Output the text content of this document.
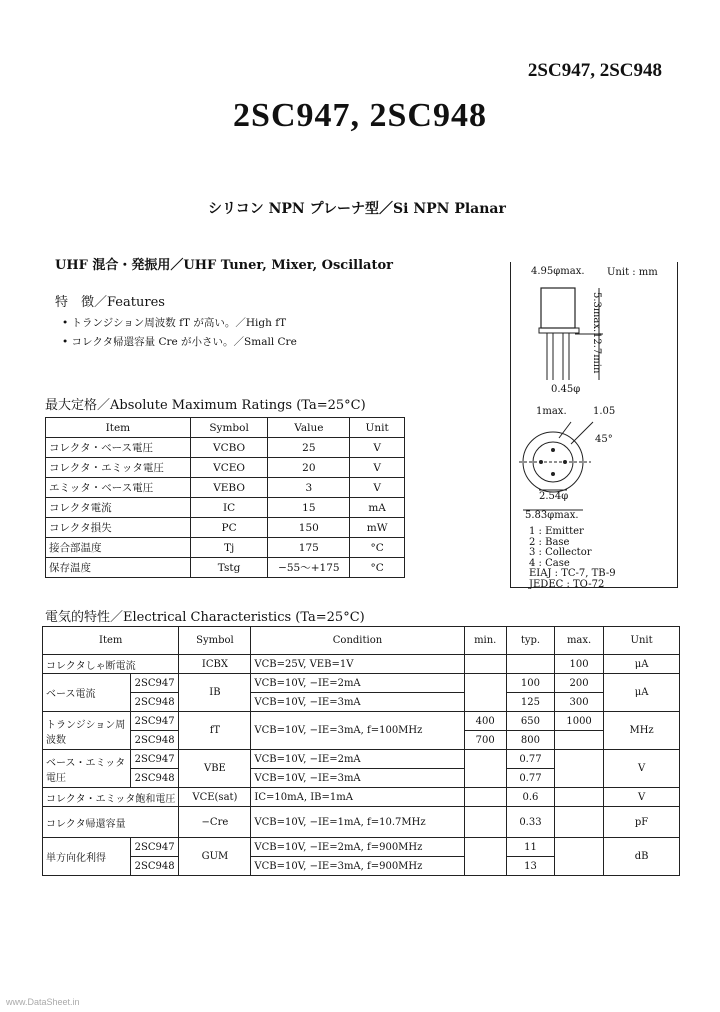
2SC947, 2SC948
2SC947, 2SC948
シリコン NPN プレーナ型／Si NPN Planar
UHF 混合・発振用／UHF Tuner, Mixer, Oscillator
特　徴／Features
• トランジション周波数 fT が高い。／High fT
• コレクタ帰還容量 Cre が小さい。／Small Cre
4.95φmax. Unit : mm
5.3max.
12.7min
0.45φ
1max.	1.05
45°
2.54φ
5.83φmax.
1 : Emitter
2 : Base
3 : Collector
4 : Case
EIAJ : TC-7, TB-9
JEDEC : TO-72
最大定格／Absolute Maximum Ratings (Ta=25°C)
Item	Symbol	Value	Unit
コレクタ・ベース電圧	VCBO	25	V
コレクタ・エミッタ電圧	VCEO	20	V
エミッタ・ベース電圧	VEBO	3	V
コレクタ電流	IC	15	mA
コレクタ損失	PC	150	mW
接合部温度	Tj	175	°C
保存温度	Tstg	−55〜+175	°C
電気的特性／Electrical Characteristics (Ta=25°C)
Item		Symbol	Condition	min.	typ.	max.	Unit
コレクタしゃ断電流		ICBX	VCB=25V, VEB=1V			100	μA
ベース電流	2SC947	IB	VCB=10V, −IE=2mA		100	200	μA
	2SC948		VCB=10V, −IE=3mA		125	300	
トランジション周波数	2SC947	fT	VCB=10V, −IE=3mA, f=100MHz	400	650	1000	MHz
	2SC948			700	800		
ベース・エミッタ電圧	2SC947	VBE	VCB=10V, −IE=2mA		0.77		V
	2SC948		VCB=10V, −IE=3mA		0.77		
コレクタ・エミッタ飽和電圧		VCE(sat)	IC=10mA, IB=1mA		0.6		V
コレクタ帰還容量		−Cre	VCB=10V, −IE=1mA, f=10.7MHz		0.33		pF
単方向化利得	2SC947	GUM	VCB=10V, −IE=2mA, f=900MHz		11		dB
	2SC948		VCB=10V, −IE=3mA, f=900MHz		13		
www.DataSheet.in
